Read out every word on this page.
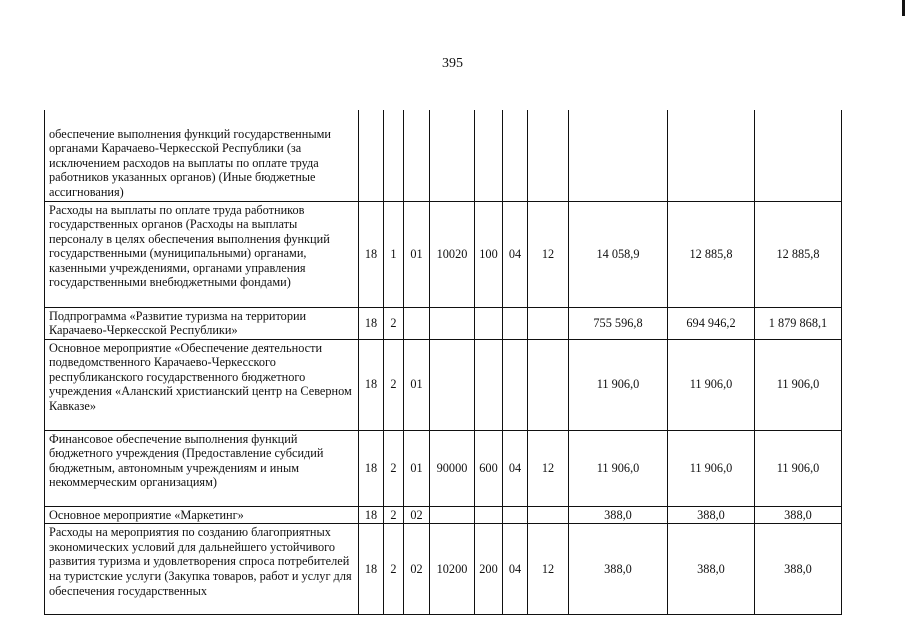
395
обеспечение выполнения функций государственными органами Карачаево-Черкесской Республики (за исключением расходов на выплаты по оплате труда работников указанных органов) (Иные бюджетные ассигнования)										
Расходы на выплаты по оплате труда работников государственных органов (Расходы на выплаты персоналу в целях обеспечения выполнения функций государственными (муниципальными) органами, казенными учреждениями, органами управления государственными внебюджетными фондами)	18	1	01	10020	100	04	12	14 058,9	12 885,8	12 885,8
Подпрограмма «Развитие туризма на территории Карачаево-Черкесской Республики»	18	2						755 596,8	694 946,2	1 879 868,1
Основное мероприятие «Обеспечение деятельности подведомственного Карачаево-Черкесского республиканского государственного бюджетного учреждения «Аланский христианский центр на Северном Кавказе»	18	2	01					11 906,0	11 906,0	11 906,0
Финансовое обеспечение выполнения функций бюджетного учреждения (Предоставление субсидий бюджетным, автономным учреждениям и иным некоммерческим организациям)	18	2	01	90000	600	04	12	11 906,0	11 906,0	11 906,0
Основное мероприятие «Маркетинг»	18	2	02					388,0	388,0	388,0
Расходы на мероприятия по созданию благоприятных экономических условий для дальнейшего устойчивого развития туризма и удовлетворения спроса потребителей на туристские услуги (Закупка товаров, работ и услуг для обеспечения государственных	18	2	02	10200	200	04	12	388,0	388,0	388,0
